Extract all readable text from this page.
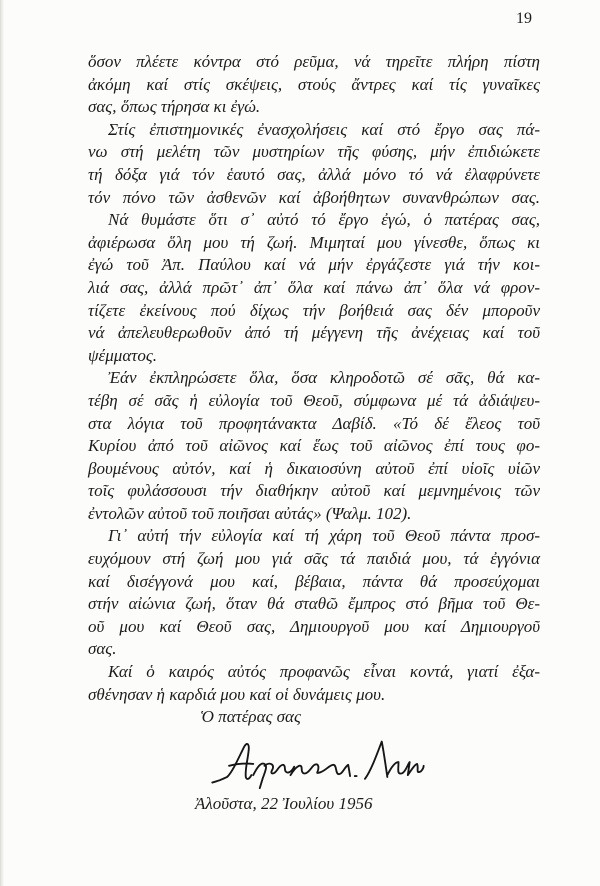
19
ὅσον πλέετε κόντρα στό ρεῦμα, νά τηρεῖτε πλήρη πίστη
ἀκόμη καί στίς σκέψεις, στούς ἄντρες καί τίς γυναῖκες
σας, ὅπως τήρησα κι ἐγώ.
Στίς ἐπιστημονικές ἐνασχολήσεις καί στό ἔργο σας πά-
νω στή μελέτη τῶν μυστηρίων τῆς φύσης, μήν ἐπιδιώκετε
τή δόξα γιά τόν ἑαυτό σας, ἀλλά μόνο τό νά ἐλαφρύνετε
τόν πόνο τῶν ἀσθενῶν καί ἀβοήθητων συνανθρώπων σας.
Νά θυμάστε ὅτι σ᾽ αὐτό τό ἔργο ἐγώ, ὁ πατέρας σας,
ἀφιέρωσα ὅλη μου τή ζωή. Μιμηταί μου γίνεσθε, ὅπως κι
ἐγώ τοῦ Ἀπ. Παύλου καί νά μήν ἐργάζεστε γιά τήν κοι-
λιά σας, ἀλλά πρῶτ᾽ ἀπ᾽ ὅλα καί πάνω ἀπ᾽ ὅλα νά φρον-
τίζετε ἐκείνους πού δίχως τήν βοήθειά σας δέν μποροῦν
νά ἀπελευθερωθοῦν ἀπό τή μέγγενη τῆς ἀνέχειας καί τοῦ
ψέμματος.
Ἐάν ἐκπληρώσετε ὅλα, ὅσα κληροδοτῶ σέ σᾶς, θά κα-
τέβη σέ σᾶς ἡ εὐλογία τοῦ Θεοῦ, σύμφωνα μέ τά ἀδιάψευ-
στα λόγια τοῦ προφητάνακτα Δαβίδ. «Τό δέ ἔλεος τοῦ
Κυρίου ἀπό τοῦ αἰῶνος καί ἕως τοῦ αἰῶνος ἐπί τους φο-
βουμένους αὐτόν, καί ἡ δικαιοσύνη αὐτοῦ ἐπί υἱοῖς υἱῶν
τοῖς φυλάσσουσι τήν διαθήκην αὐτοῦ καί μεμνημένοις τῶν
ἐντολῶν αὐτοῦ τοῦ ποιῆσαι αὐτάς» (Ψαλμ. 102).
Γι᾽ αὐτή τήν εὐλογία καί τή χάρη τοῦ Θεοῦ πάντα προσ-
ευχόμουν στή ζωή μου γιά σᾶς τά παιδιά μου, τά ἐγγόνια
καί δισέγγονά μου καί, βέβαια, πάντα θά προσεύχομαι
στήν αἰώνια ζωή, ὅταν θά σταθῶ ἔμπρος στό βῆμα τοῦ Θε-
οῦ μου καί Θεοῦ σας, Δημιουργοῦ μου καί Δημιουργοῦ
σας.
Καί ὁ καιρός αὐτός προφανῶς εἶναι κοντά, γιατί ἐξα-
σθένησαν ἡ καρδιά μου καί οἱ δυνάμεις μου.
Ὁ πατέρας σας
Ἀλοῦστα, 22 Ἰουλίου 1956
